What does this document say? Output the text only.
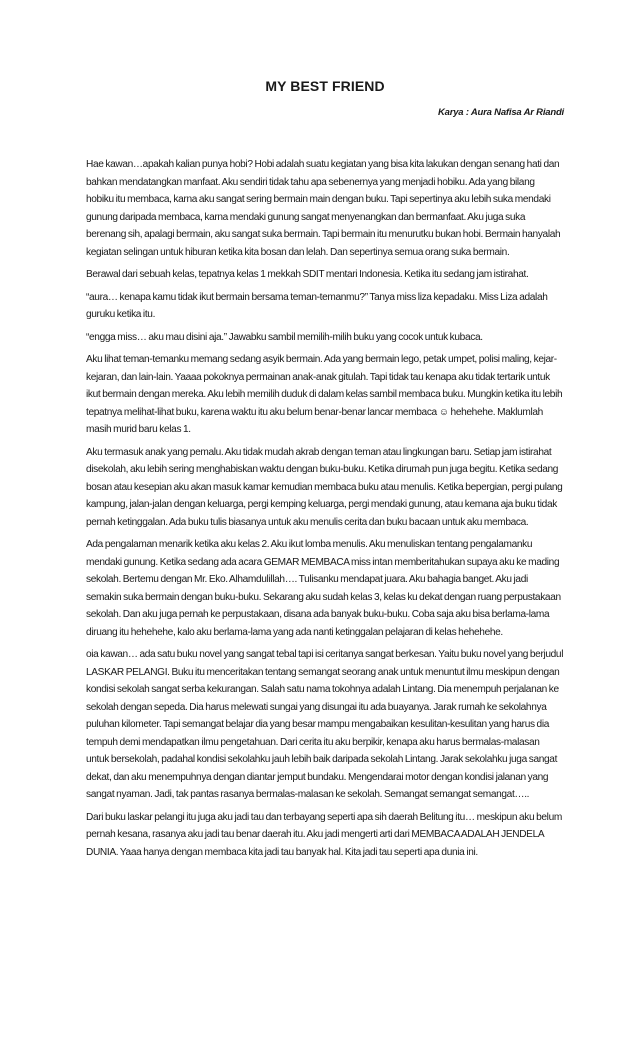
MY BEST FRIEND
Karya : Aura Nafisa Ar Riandi

Hae kawan…apakah kalian punya hobi? Hobi adalah suatu kegiatan yang bisa kita lakukan dengan senang hati dan bahkan mendatangkan manfaat. Aku sendiri tidak tahu apa sebenernya yang menjadi hobiku. Ada yang bilang hobiku itu membaca, karna aku sangat sering bermain main dengan buku. Tapi sepertinya aku lebih suka mendaki gunung daripada membaca, karna mendaki gunung sangat menyenangkan dan bermanfaat. Aku juga suka berenang sih, apalagi bermain, aku sangat suka bermain. Tapi bermain itu menurutku bukan hobi. Bermain hanyalah kegiatan selingan untuk hiburan ketika kita bosan dan lelah. Dan sepertinya semua orang suka bermain.

Berawal dari sebuah kelas, tepatnya kelas 1 mekkah SDIT mentari Indonesia. Ketika itu sedang jam istirahat.

“aura… kenapa kamu tidak ikut bermain bersama teman-temanmu?” Tanya miss liza kepadaku. Miss Liza adalah guruku ketika itu.

“engga miss… aku mau disini aja.” Jawabku sambil memilih-milih buku yang cocok untuk kubaca.

Aku lihat teman-temanku memang sedang asyik bermain. Ada yang bermain lego, petak umpet, polisi maling, kejar-kejaran, dan lain-lain. Yaaaa pokoknya permainan anak-anak gitulah. Tapi tidak tau kenapa aku tidak tertarik untuk ikut bermain dengan mereka. Aku lebih memilih duduk di dalam kelas sambil membaca buku. Mungkin ketika itu lebih tepatnya melihat-lihat buku, karena waktu itu aku belum benar-benar lancar membaca ☺ hehehehe. Maklumlah masih murid baru kelas 1.

Aku termasuk anak yang pemalu. Aku tidak mudah akrab dengan teman atau lingkungan baru. Setiap jam istirahat disekolah, aku lebih sering menghabiskan waktu dengan buku-buku. Ketika dirumah pun juga begitu. Ketika sedang bosan atau kesepian aku akan masuk kamar kemudian membaca buku atau menulis. Ketika bepergian, pergi pulang kampung, jalan-jalan dengan keluarga, pergi kemping keluarga, pergi mendaki gunung, atau kemana aja buku tidak pernah ketinggalan. Ada buku tulis biasanya untuk aku menulis cerita dan buku bacaan untuk aku membaca.

Ada pengalaman menarik ketika aku kelas 2. Aku ikut lomba menulis. Aku menuliskan tentang pengalamanku mendaki gunung. Ketika sedang ada acara GEMAR MEMBACA miss intan memberitahukan supaya aku ke mading sekolah. Bertemu dengan Mr. Eko. Alhamdulillah…. Tulisanku mendapat juara. Aku bahagia banget. Aku jadi semakin suka bermain dengan buku-buku. Sekarang aku sudah kelas 3, kelas ku dekat dengan ruang perpustakaan sekolah. Dan aku juga pernah ke perpustakaan, disana ada banyak buku-buku. Coba saja aku bisa berlama-lama diruang itu hehehehe, kalo aku berlama-lama yang ada nanti ketinggalan pelajaran di kelas hehehehe.

oia kawan… ada satu buku novel yang sangat tebal tapi isi ceritanya sangat berkesan. Yaitu buku novel yang berjudul LASKAR PELANGI. Buku itu menceritakan tentang semangat seorang anak untuk menuntut ilmu meskipun dengan kondisi sekolah sangat serba kekurangan. Salah satu nama tokohnya adalah Lintang. Dia menempuh perjalanan ke sekolah dengan sepeda. Dia harus melewati sungai yang disungai itu ada buayanya. Jarak rumah ke sekolahnya puluhan kilometer. Tapi semangat belajar dia yang besar mampu mengabaikan kesulitan-kesulitan yang harus dia tempuh demi mendapatkan ilmu pengetahuan. Dari cerita itu aku berpikir, kenapa aku harus bermalas-malasan untuk bersekolah, padahal kondisi sekolahku jauh lebih baik daripada sekolah Lintang. Jarak sekolahku juga sangat dekat, dan aku menempuhnya dengan diantar jemput bundaku. Mengendarai motor dengan kondisi jalanan yang sangat nyaman. Jadi, tak pantas rasanya bermalas-malasan ke sekolah. Semangat semangat semangat…..

Dari buku laskar pelangi itu juga aku jadi tau dan terbayang seperti apa sih daerah Belitung itu… meskipun aku belum pernah kesana, rasanya aku jadi tau benar daerah itu. Aku jadi mengerti arti dari MEMBACA ADALAH JENDELA DUNIA. Yaaa hanya dengan membaca kita jadi tau banyak hal. Kita jadi tau seperti apa dunia ini.
